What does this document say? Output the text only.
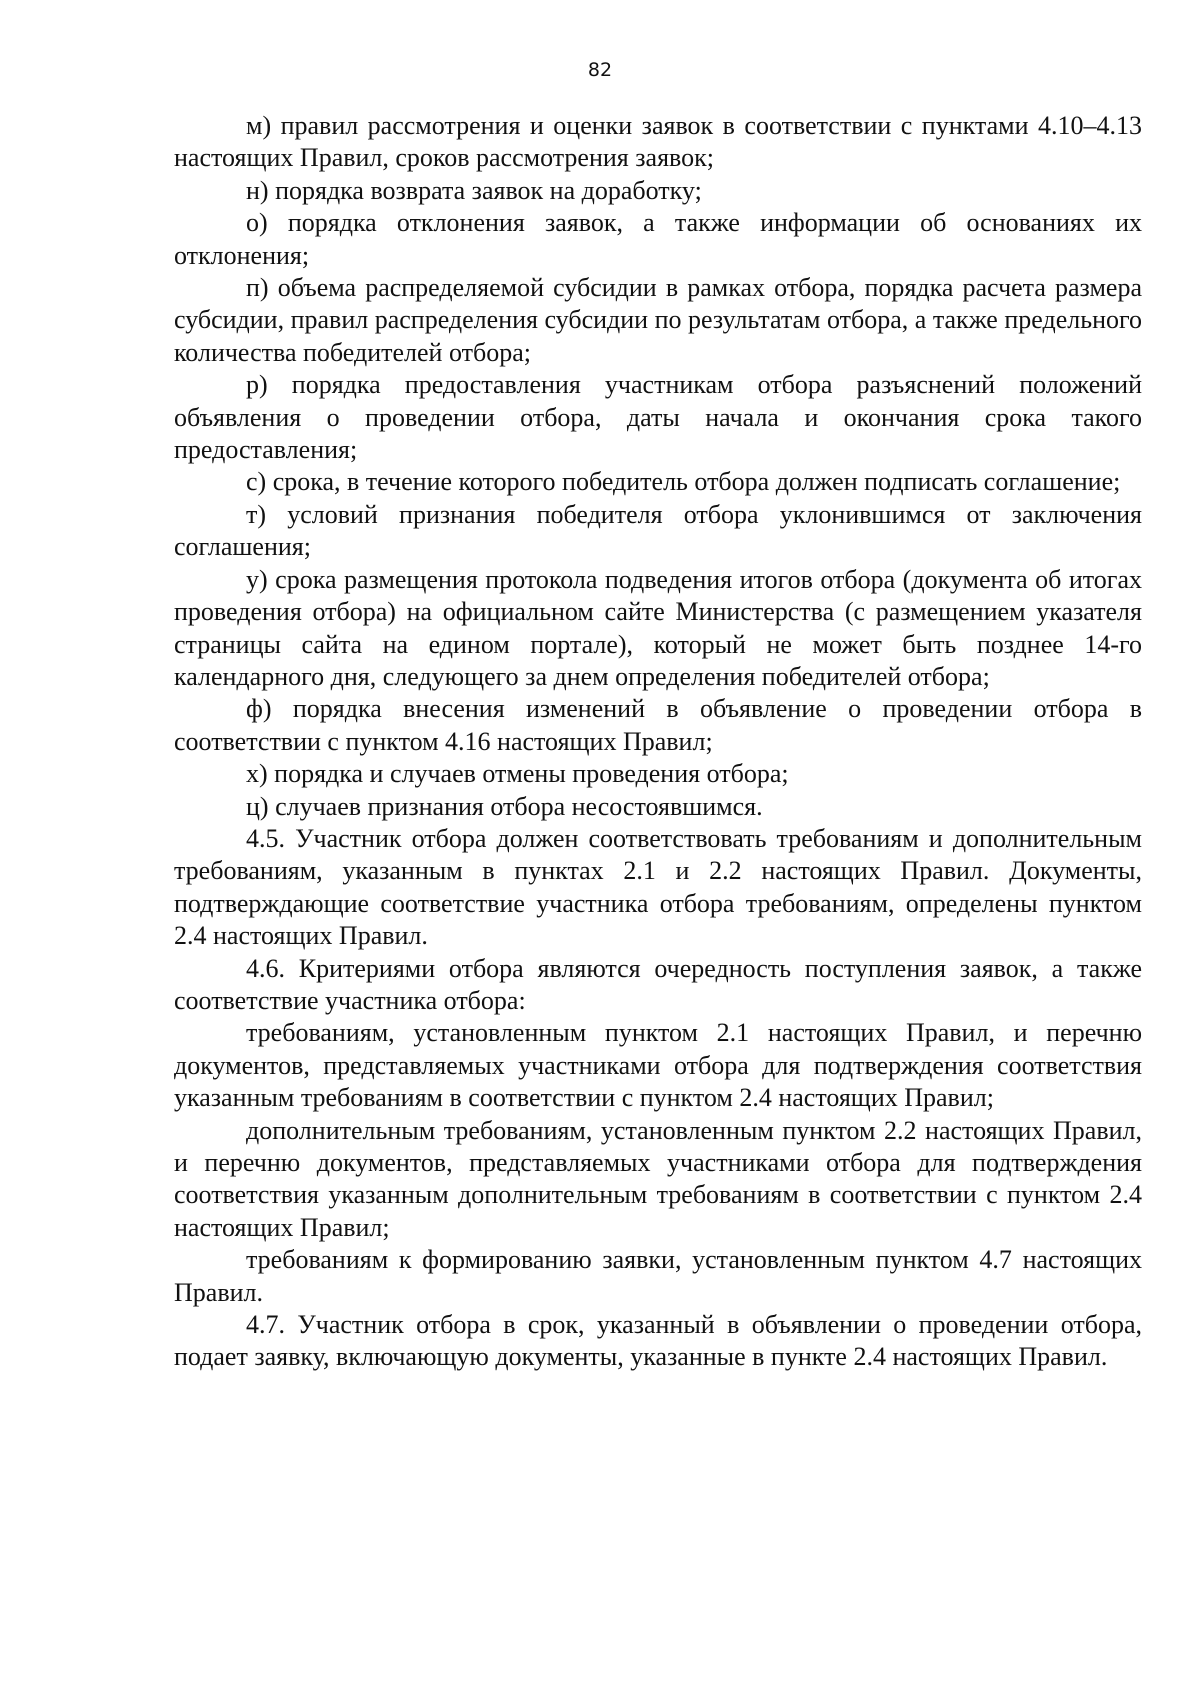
82

м) правил рассмотрения и оценки заявок в соответствии с пунктами 4.10–4.13 настоящих Правил, сроков рассмотрения заявок;

н) порядка возврата заявок на доработку;

о) порядка отклонения заявок, а также информации об основаниях их отклонения;

п) объема распределяемой субсидии в рамках отбора, порядка расчета размера субсидии, правил распределения субсидии по результатам отбора, а также предельного количества победителей отбора;

р) порядка предоставления участникам отбора разъяснений положений объявления о проведении отбора, даты начала и окончания срока такого предоставления;

с) срока, в течение которого победитель отбора должен подписать соглашение;

т) условий признания победителя отбора уклонившимся от заключения соглашения;

у) срока размещения протокола подведения итогов отбора (документа об итогах проведения отбора) на официальном сайте Министерства (с размещением указателя страницы сайта на едином портале), который не может быть позднее 14-го календарного дня, следующего за днем определения победителей отбора;

ф) порядка внесения изменений в объявление о проведении отбора в соответствии с пунктом 4.16 настоящих Правил;

х) порядка и случаев отмены проведения отбора;

ц) случаев признания отбора несостоявшимся.

4.5. Участник отбора должен соответствовать требованиям и дополнительным требованиям, указанным в пунктах 2.1 и 2.2 настоящих Правил. Документы, подтверждающие соответствие участника отбора требованиям, определены пунктом 2.4 настоящих Правил.

4.6. Критериями отбора являются очередность поступления заявок, а также соответствие участника отбора:

требованиям, установленным пунктом 2.1 настоящих Правил, и перечню документов, представляемых участниками отбора для подтверждения соответствия указанным требованиям в соответствии с пунктом 2.4 настоящих Правил;

дополнительным требованиям, установленным пунктом 2.2 настоящих Правил, и перечню документов, представляемых участниками отбора для подтверждения соответствия указанным дополнительным требованиям в соответствии с пунктом 2.4 настоящих Правил;

требованиям к формированию заявки, установленным пунктом 4.7 настоящих Правил.

4.7. Участник отбора в срок, указанный в объявлении о проведении отбора, подает заявку, включающую документы, указанные в пункте 2.4 настоящих Правил.
